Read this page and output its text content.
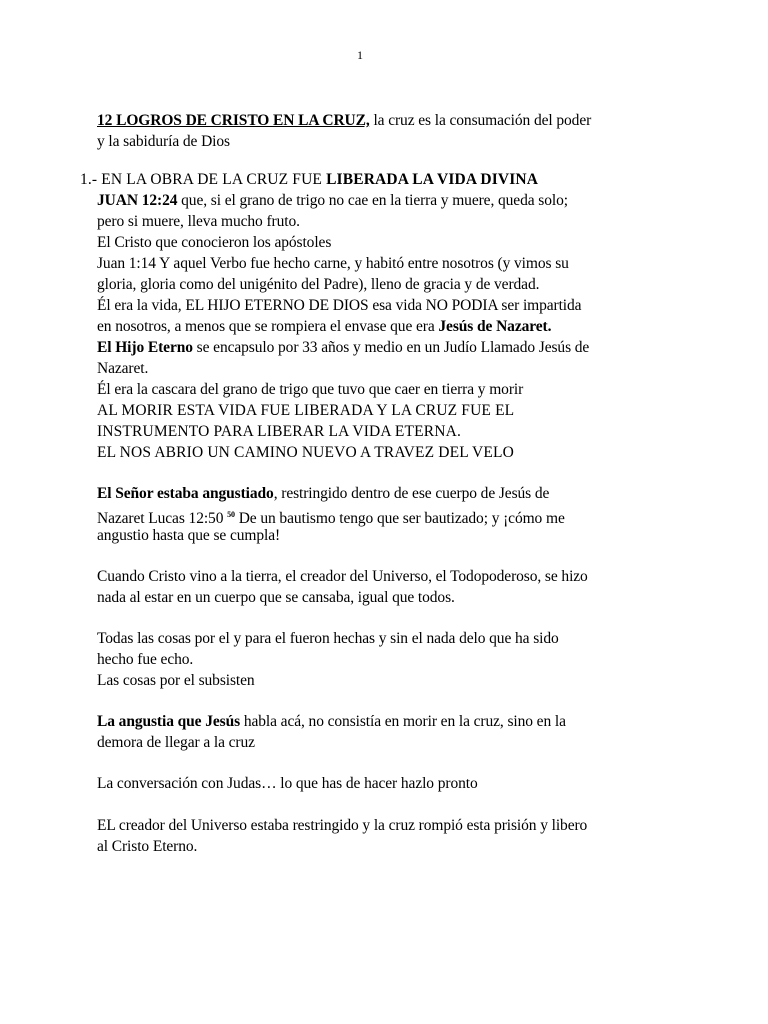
1
12 LOGROS DE CRISTO EN LA CRUZ, la cruz es la consumación del poder
y la sabiduría de Dios
1.- EN LA OBRA DE LA CRUZ FUE LIBERADA LA VIDA DIVINA
JUAN 12:24 que, si el grano de trigo no cae en la tierra y muere, queda solo;
pero si muere, lleva mucho fruto.
El Cristo que conocieron los apóstoles
Juan 1:14 Y aquel Verbo fue hecho carne, y habitó entre nosotros (y vimos su
gloria, gloria como del unigénito del Padre), lleno de gracia y de verdad.
Él era la vida, EL HIJO ETERNO DE DIOS esa vida NO PODIA ser impartida
en nosotros, a menos que se rompiera el envase que era Jesús de Nazaret.
El Hijo Eterno se encapsulo por 33 años y medio en un Judío Llamado Jesús de
Nazaret.
Él era la cascara del grano de trigo que tuvo que caer en tierra y morir
AL MORIR ESTA VIDA FUE LIBERADA Y LA CRUZ FUE EL
INSTRUMENTO PARA LIBERAR LA VIDA ETERNA.
EL NOS ABRIO UN CAMINO NUEVO A TRAVEZ DEL VELO
El Señor estaba angustiado, restringido dentro de ese cuerpo de Jesús de
Nazaret Lucas 12:50 $^{50}$ De un bautismo tengo que ser bautizado; y ¡cómo me
angustio hasta que se cumpla!
Cuando Cristo vino a la tierra, el creador del Universo, el Todopoderoso, se hizo
nada al estar en un cuerpo que se cansaba, igual que todos.
Todas las cosas por el y para el fueron hechas y sin el nada delo que ha sido
hecho fue echo.
Las cosas por el subsisten
La angustia que Jesús habla acá, no consistía en morir en la cruz, sino en la
demora de llegar a la cruz
La conversación con Judas… lo que has de hacer hazlo pronto
EL creador del Universo estaba restringido y la cruz rompió esta prisión y libero
al Cristo Eterno.
